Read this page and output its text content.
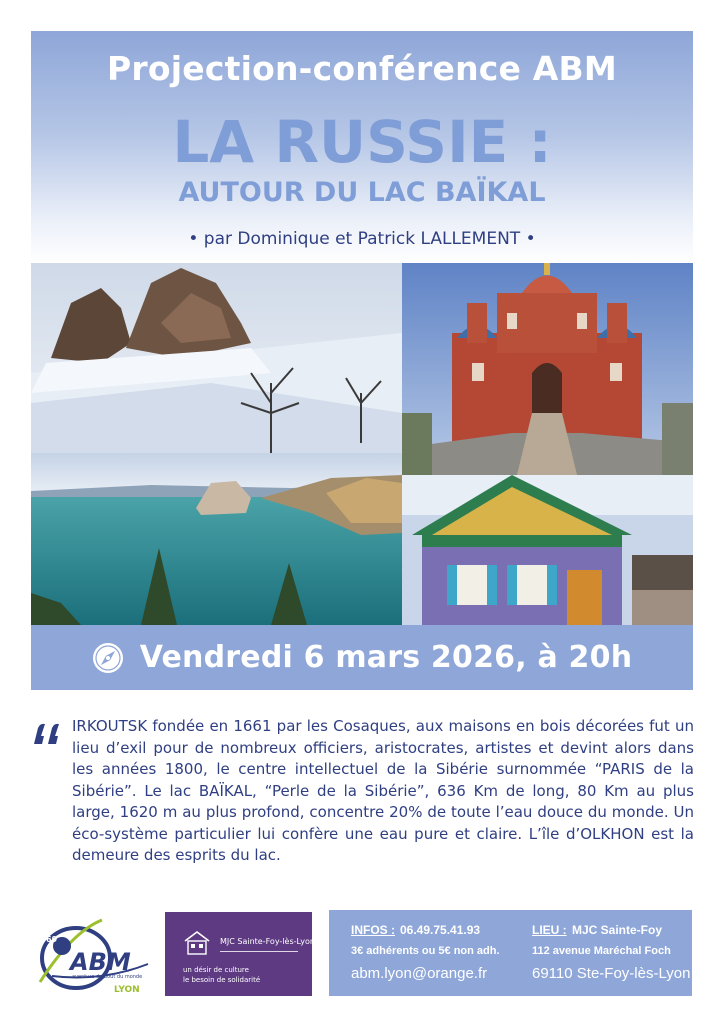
Projection-conférence ABM
LA RUSSIE :
AUTOUR DU LAC BAÏKAL
• par Dominique et Patrick LALLEMENT •
Vendredi 6 mars 2026, à 20h

IRKOUTSK fondée en 1661 par les Cosaques, aux maisons en bois décorées fut un lieu d’exil pour de nombreux officiers, aristocrates, artistes et devint alors dans les années 1800, le centre intellectuel de la Sibérie surnommée “PARIS de la Sibérie”. Le lac BAÏKAL, “Perle de la Sibérie”, 636 Km de long, 80 Km au plus large, 1620 m au plus profond, concentre 20% de toute l’eau douce du monde. Un éco-système particulier lui confère une eau pure et claire. L’île d’OLKHON est la demeure des esprits du lac.

69
ABM
aventure du bout du monde
LYON
MJC Sainte-Foy-lès-Lyon
un désir de culture
le besoin de solidarité
INFOS : 06.49.75.41.93
3€ adhérents ou 5€ non adh.
abm.lyon@orange.fr
LIEU : MJC Sainte-Foy
112 avenue Maréchal Foch
69110 Ste-Foy-lès-Lyon
